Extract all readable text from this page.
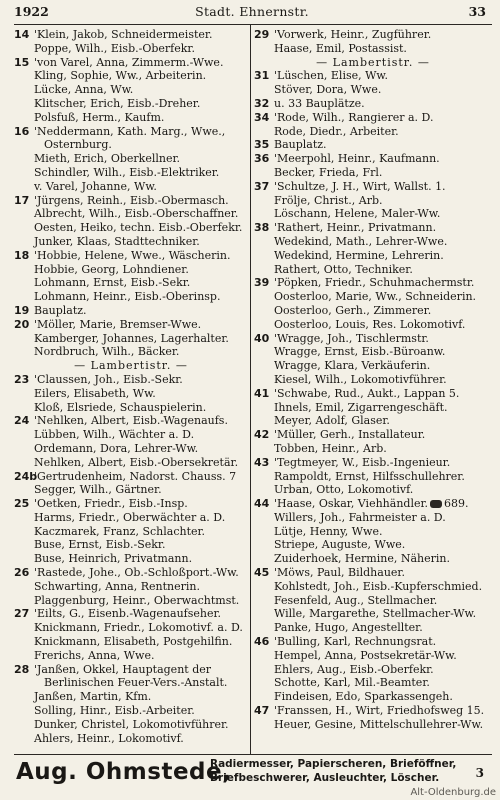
1922	Stadt. Ehnernstr.	33
14 'Klein, Jakob, Schneidermeister.
Poppe, Wilh., Eisb.-Oberfekr.
15 'von Varel, Anna, Zimmerm.-Wwe.
Kling, Sophie, Ww., Arbeiterin.
Lücke, Anna, Ww.
Klitscher, Erich, Eisb.-Dreher.
Polsfuß, Herm., Kaufm.
16 'Neddermann, Kath. Marg., Wwe.,
Osternburg.
Mieth, Erich, Oberkellner.
Schindler, Wilh., Eisb.-Elektriker.
v. Varel, Johanne, Ww.
17 'Jürgens, Reinh., Eisb.-Obermasch.
Albrecht, Wilh., Eisb.-Oberschaffner.
Oesten, Heiko, techn. Eisb.-Oberfekr.
Junker, Klaas, Stadttechniker.
18 'Hobbie, Helene, Wwe., Wäscherin.
Hobbie, Georg, Lohndiener.
Lohmann, Ernst, Eisb.-Sekr.
Lohmann, Heinr., Eisb.-Oberinsp.
19 Bauplatz.
20 'Möller, Marie, Bremser-Wwe.
Kamberger, Johannes, Lagerhalter.
Nordbruch, Wilh., Bäcker.
— Lambertistr. —
23 'Claussen, Joh., Eisb.-Sekr.
Eilers, Elisabeth, Ww.
Kloß, Elsriede, Schauspielerin.
24 'Nehlken, Albert, Eisb.-Wagenaufs.
Lübben, Wilh., Wächter a. D.
Ordemann, Dora, Lehrer-Ww.
Nehlken, Albert, Eisb.-Obersekretär.
24b
'Gertrudenheim, Nadorst. Chauss. 7
Segger, Wilh., Gärtner.
25 'Oetken, Friedr., Eisb.-Insp.
Harms, Friedr., Oberwächter a. D.
Kaczmarek, Franz, Schlachter.
Buse, Ernst, Eisb.-Sekr.
Buse, Heinrich, Privatmann.
26 'Rastede, Johe., Ob.-Schloßport.-Ww.
Schwarting, Anna, Rentnerin.
Plaggenburg, Heinr., Oberwachtmst.
27 'Eilts, G., Eisenb.-Wagenaufseher.
Knickmann, Friedr., Lokomotivf. a. D.
Knickmann, Elisabeth, Postgehilfin.
Frerichs, Anna, Wwe.
28 'Janßen, Okkel, Hauptagent der
Berlinischen Feuer-Vers.-Anstalt.
Janßen, Martin, Kfm.
Solling, Hinr., Eisb.-Arbeiter.
Dunker, Christel, Lokomotivführer.
Ahlers, Heinr., Lokomotivf.
29 'Vorwerk, Heinr., Zugführer.
Haase, Emil, Postassist.
— Lambertistr. —
31 'Lüschen, Elise, Ww.
Stöver, Dora, Wwe.
32 u. 33 Bauplätze.
34 'Rode, Wilh., Rangierer a. D.
Rode, Diedr., Arbeiter.
35 Bauplatz.
36 'Meerpohl, Heinr., Kaufmann.
Becker, Frieda, Frl.
37 'Schultze, J. H., Wirt, Wallst. 1.
Frölje, Christ., Arb.
Löschann, Helene, Maler-Ww.
38 'Rathert, Heinr., Privatmann.
Wedekind, Math., Lehrer-Wwe.
Wedekind, Hermine, Lehrerin.
Rathert, Otto, Techniker.
39 'Pöpken, Friedr., Schuhmachermstr.
Oosterloo, Marie, Ww., Schneiderin.
Oosterloo, Gerh., Zimmerer.
Oosterloo, Louis, Res. Lokomotivf.
40 'Wragge, Joh., Tischlermstr.
Wragge, Ernst, Eisb.-Büroanw.
Wragge, Klara, Verkäuferin.
Kiesel, Wilh., Lokomotivführer.
41 'Schwabe, Rud., Aukt., Lappan 5.
Ihnels, Emil, Zigarrengeschäft.
Meyer, Adolf, Glaser.
42 'Müller, Gerh., Installateur.
Tobben, Heinr., Arb.
43 'Tegtmeyer, W., Eisb.-Ingenieur.
Rampoldt, Ernst, Hilfsschullehrer.
Urban, Otto, Lokomotivf.
44 'Haase, Oskar, Viehhändler. 689.
Willers, Joh., Fahrmeister a. D.
Lütje, Henny, Wwe.
Striepe, Auguste, Wwe.
Zuiderhoek, Hermine, Näherin.
45 'Möws, Paul, Bildhauer.
Kohlstedt, Joh., Eisb.-Kupferschmied.
Fesenfeld, Aug., Stellmacher.
Wille, Margarethe, Stellmacher-Ww.
Panke, Hugo, Angestellter.
46 'Bulling, Karl, Rechnungsrat.
Hempel, Anna, Postsekretär-Ww.
Ehlers, Aug., Eisb.-Oberfekr.
Schotte, Karl, Mil.-Beamter.
Findeisen, Edo, Sparkassengeh.
47 'Franssen, H., Wirt, Friedhofsweg 15.
Heuer, Gesine, Mittelschullehrer-Ww.
Aug. Ohmstede,
Radiermesser, Papierscheren, Brieföffner,
Briefbeschwerer, Ausleuchter, Löscher.	3
Alt-Oldenburg.de
